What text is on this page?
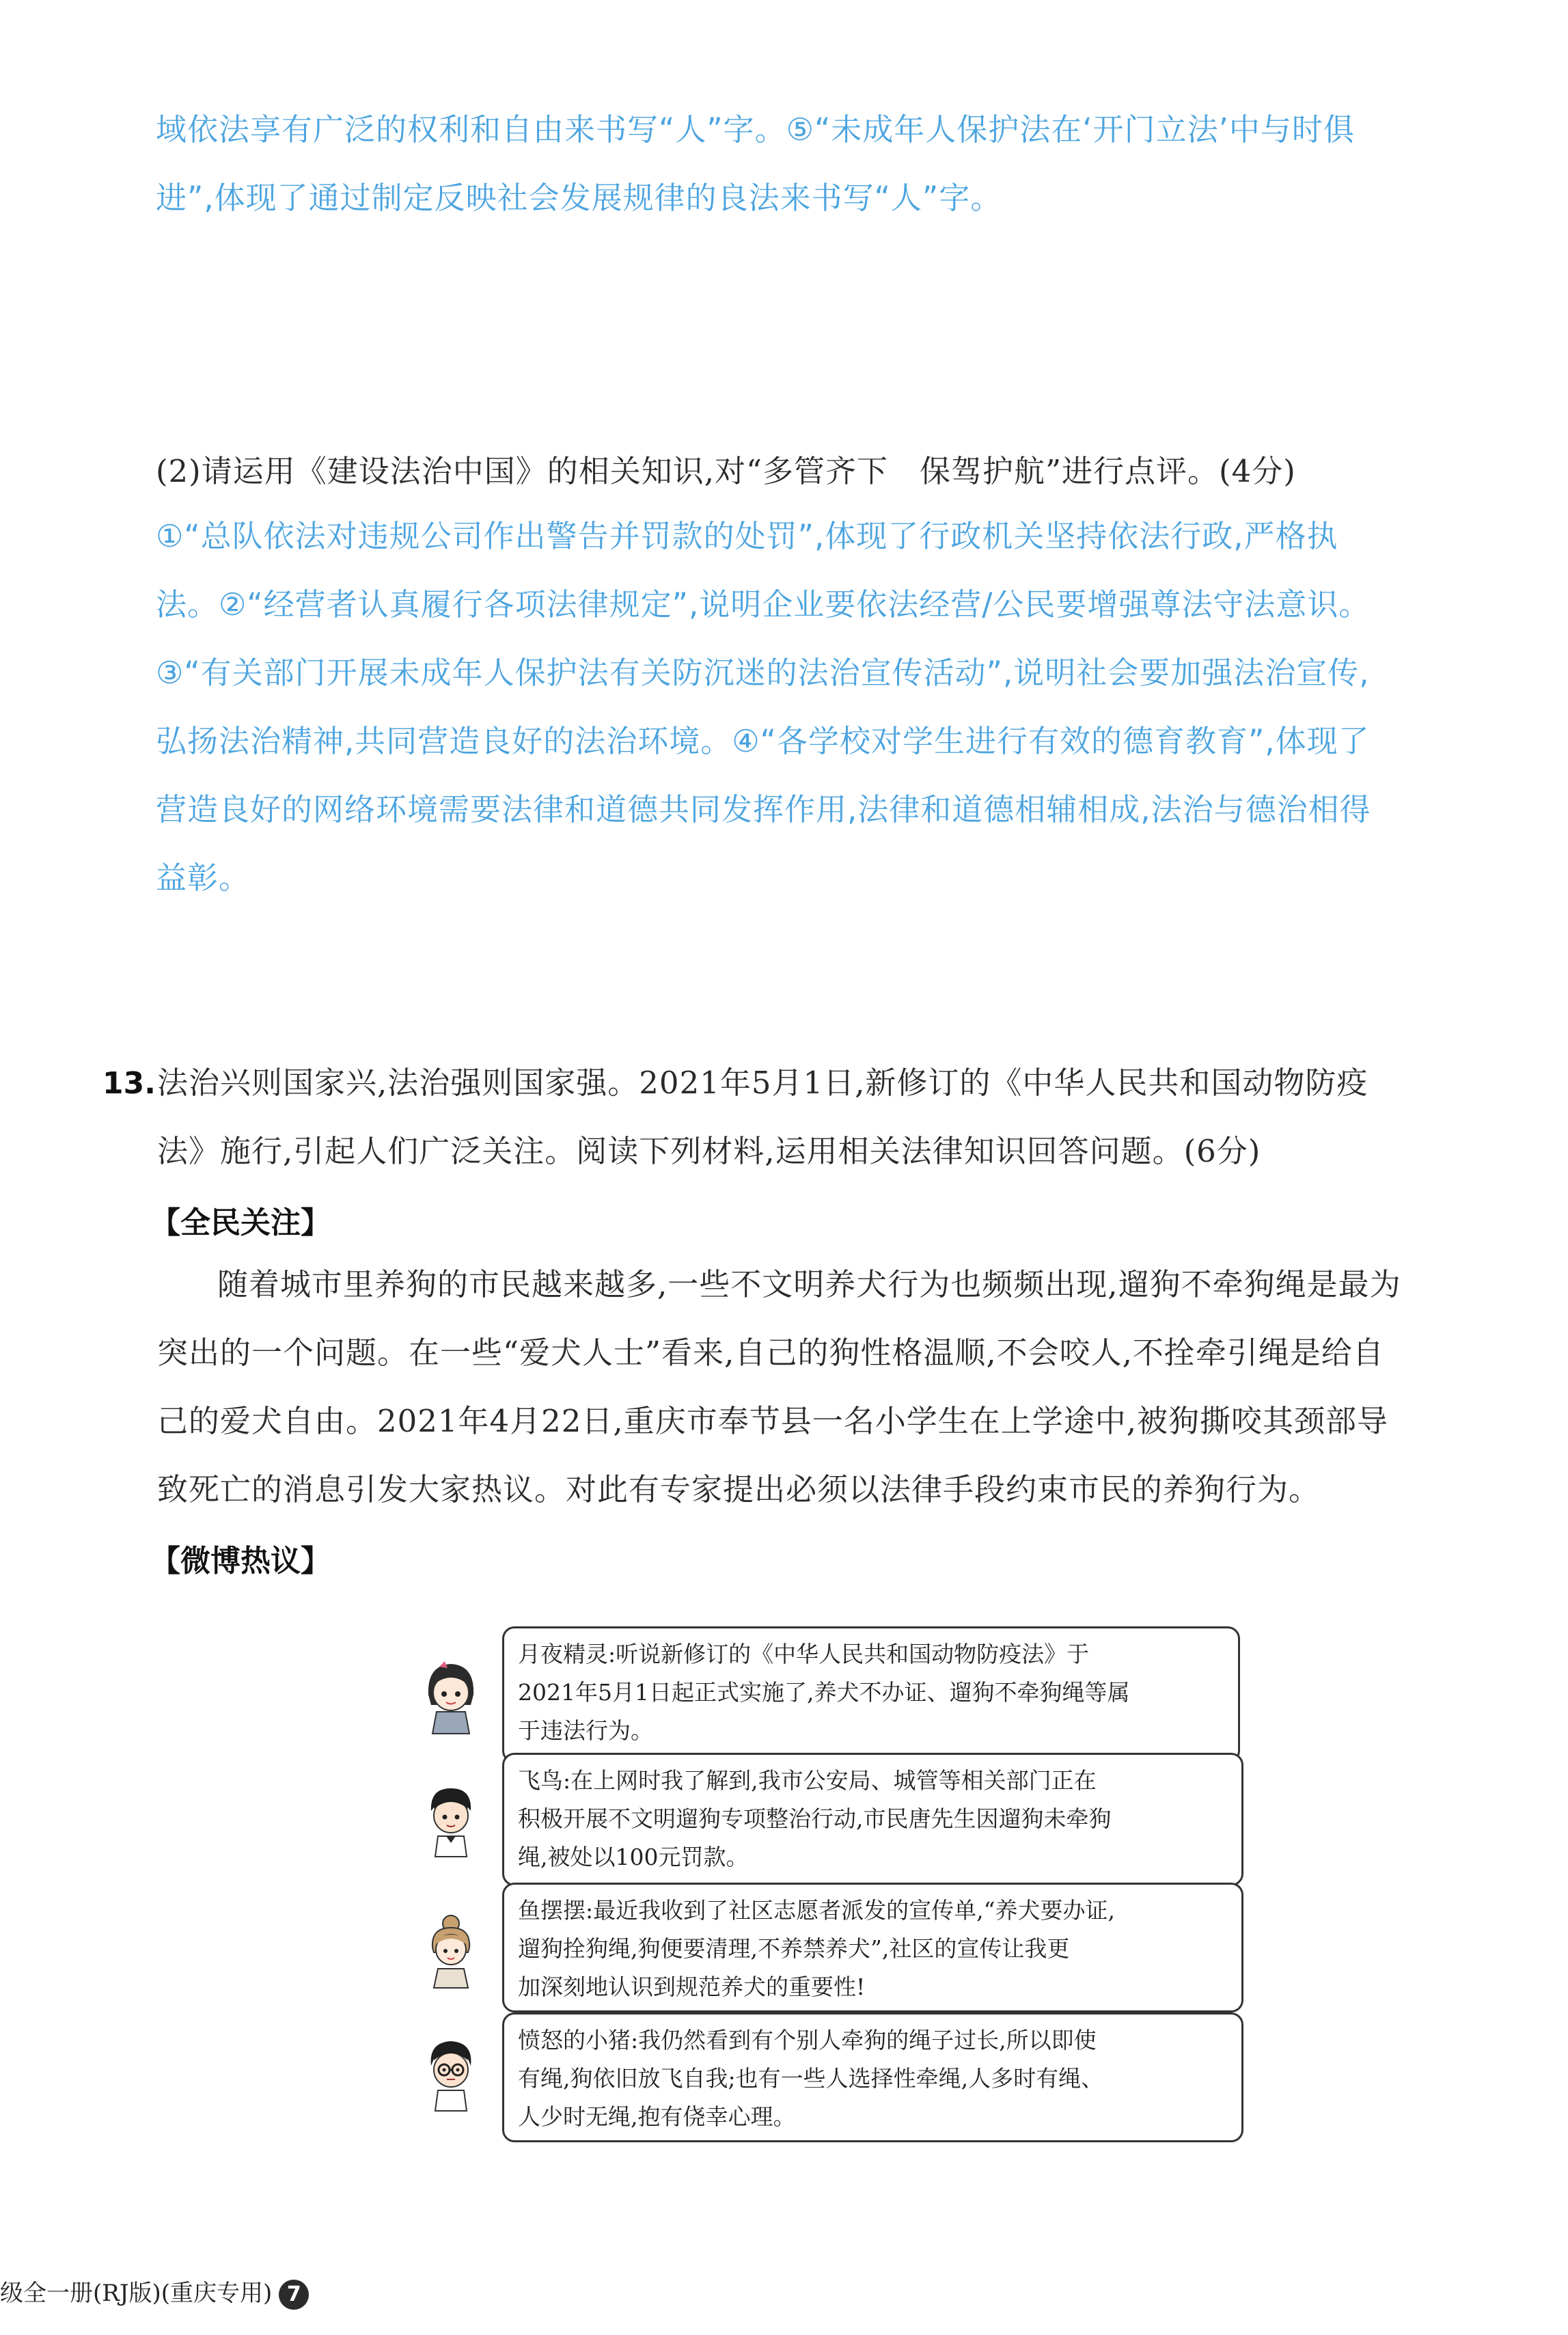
域依法享有广泛的权利和自由来书写“人”字。⑤“未成年人保护法在‘开门立法’中与时俱
进”,体现了通过制定反映社会发展规律的良法来书写“人”字。
(2)请运用《建设法治中国》的相关知识,对“多管齐下　保驾护航”进行点评。(4分)
①“总队依法对违规公司作出警告并罚款的处罚”,体现了行政机关坚持依法行政,严格执
法。②“经营者认真履行各项法律规定”,说明企业要依法经营/公民要增强尊法守法意识。
③“有关部门开展未成年人保护法有关防沉迷的法治宣传活动”,说明社会要加强法治宣传,
弘扬法治精神,共同营造良好的法治环境。④“各学校对学生进行有效的德育教育”,体现了
营造良好的网络环境需要法律和道德共同发挥作用,法律和道德相辅相成,法治与德治相得
益彰。
13. 法治兴则国家兴,法治强则国家强。2021年5月1日,新修订的《中华人民共和国动物防疫
法》施行,引起人们广泛关注。阅读下列材料,运用相关法律知识回答问题。(6分)
【全民关注】
随着城市里养狗的市民越来越多,一些不文明养犬行为也频频出现,遛狗不牵狗绳是最为
突出的一个问题。在一些“爱犬人士”看来,自己的狗性格温顺,不会咬人,不拴牵引绳是给自
己的爱犬自由。2021年4月22日,重庆市奉节县一名小学生在上学途中,被狗撕咬其颈部导
致死亡的消息引发大家热议。对此有专家提出必须以法律手段约束市民的养狗行为。
【微博热议】
月夜精灵:听说新修订的《中华人民共和国动物防疫法》于
2021年5月1日起正式实施了,养犬不办证、遛狗不牵狗绳等属
于违法行为。
飞鸟:在上网时我了解到,我市公安局、城管等相关部门正在
积极开展不文明遛狗专项整治行动,市民唐先生因遛狗未牵狗
绳,被处以100元罚款。
鱼摆摆:最近我收到了社区志愿者派发的宣传单,“养犬要办证,
遛狗拴狗绳,狗便要清理,不养禁养犬”,社区的宣传让我更
加深刻地认识到规范养犬的重要性!
愤怒的小猪:我仍然看到有个别人牵狗的绳子过长,所以即使
有绳,狗依旧放飞自我;也有一些人选择性牵绳,人多时有绳、
人少时无绳,抱有侥幸心理。
级全一册(RJ版)(重庆专用) 7
